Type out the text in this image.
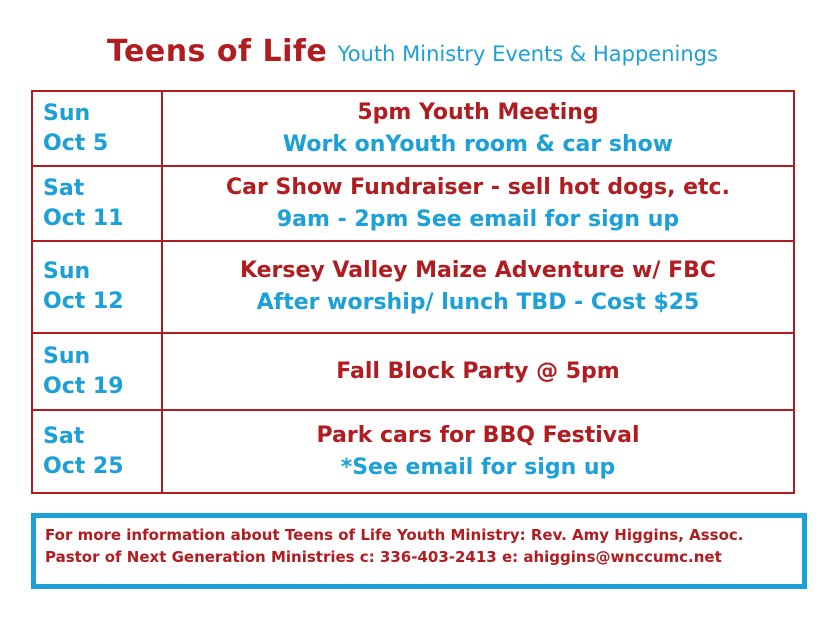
Teens of Life Youth Ministry Events & Happenings
Sun
Oct 5	5pm Youth Meeting
Work onYouth room & car show

Sat
Oct 11	Car Show Fundraiser - sell hot dogs, etc.
9am - 2pm See email for sign up

Sun
Oct 12	Kersey Valley Maize Adventure w/ FBC
After worship/ lunch TBD - Cost $25

Sun
Oct 19	Fall Block Party @ 5pm

Sat
Oct 25	Park cars for BBQ Festival
*See email for sign up
For more information about Teens of Life Youth Ministry: Rev. Amy Higgins, Assoc.
Pastor of Next Generation Ministries c: 336-403-2413 e: ahiggins@wnccumc.net
